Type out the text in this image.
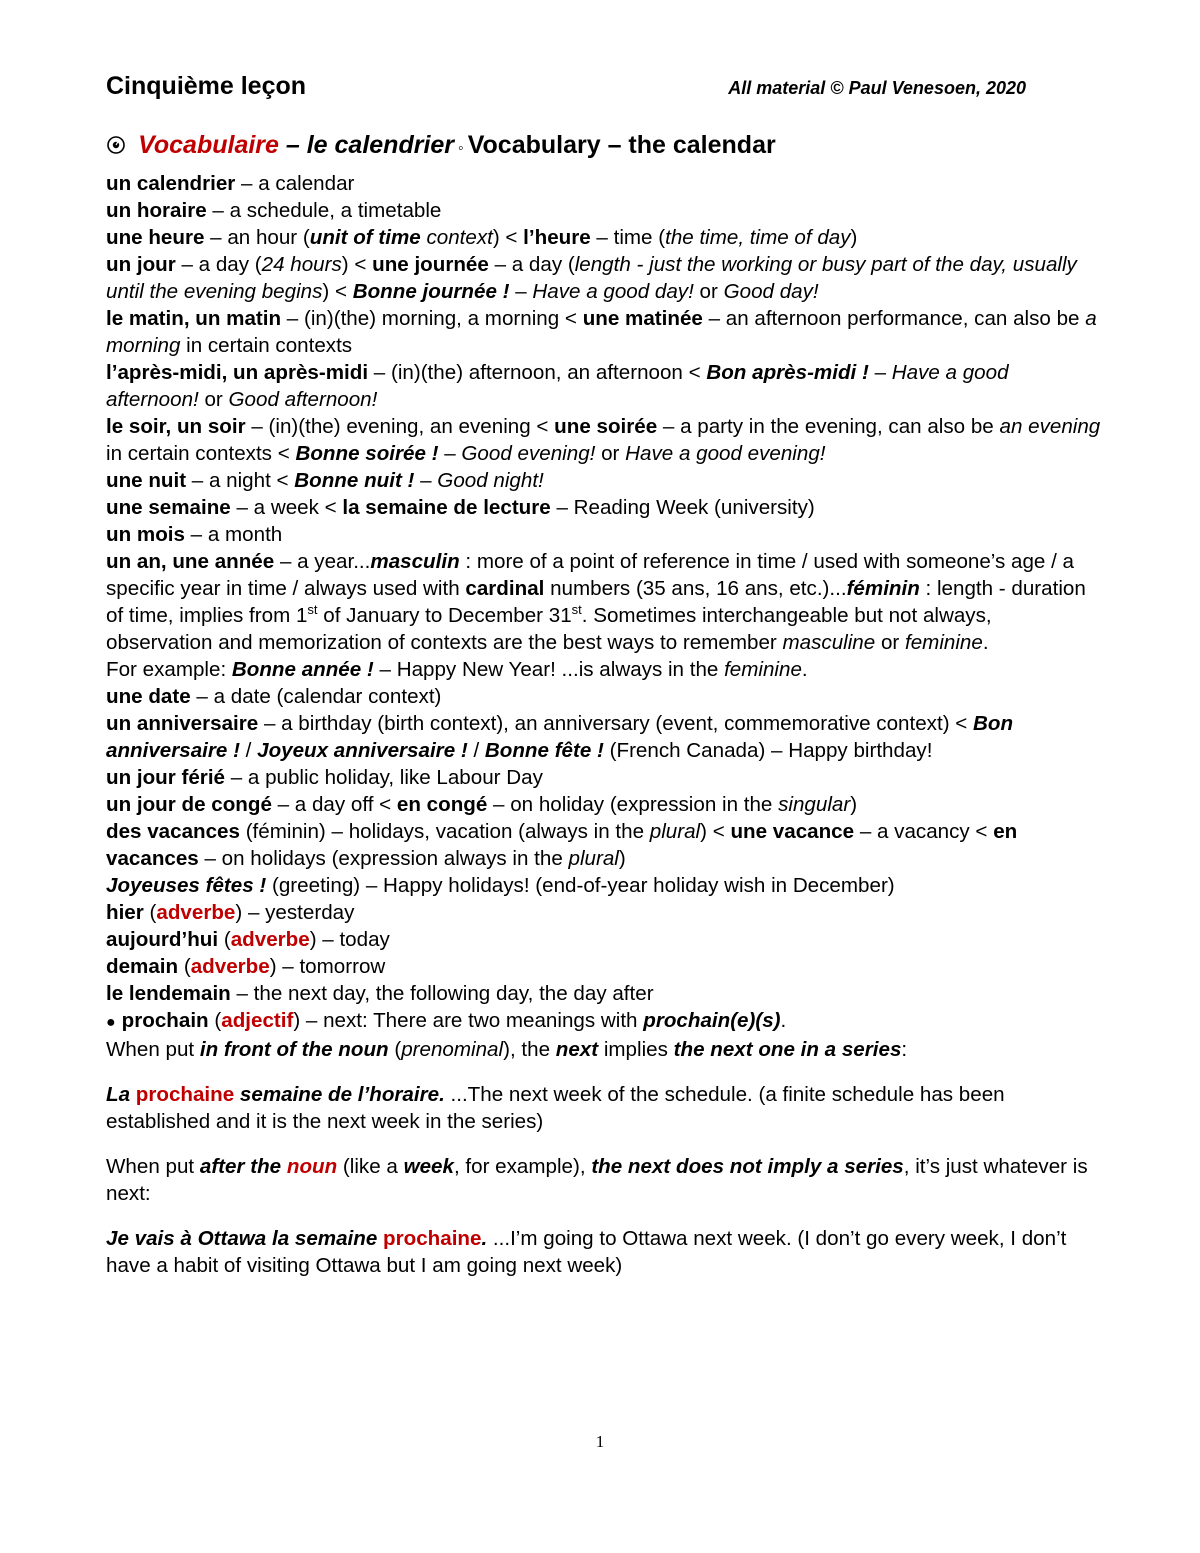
Cinquième leçon	All material © Paul Venesoen, 2020
Vocabulaire – le calendrier ◦ Vocabulary – the calendar

un calendrier – a calendar

un horaire – a schedule, a timetable

une heure – an hour (unit of time context) < l’heure – time (the time, time of day)

un jour – a day (24 hours) < une journée – a day (length - just the working or busy part of the day, usually until the evening begins) < Bonne journée ! – Have a good day! or Good day!

le matin, un matin – (in)(the) morning, a morning < une matinée – an afternoon performance, can also be a morning in certain contexts

l’après-midi, un après-midi – (in)(the) afternoon, an afternoon < Bon après-midi ! – Have a good afternoon! or Good afternoon!

le soir, un soir – (in)(the) evening, an evening < une soirée – a party in the evening, can also be an evening in certain contexts < Bonne soirée ! – Good evening! or Have a good evening!

une nuit – a night < Bonne nuit ! – Good night!

une semaine – a week < la semaine de lecture – Reading Week (university)

un mois – a month

un an, une année – a year...masculin : more of a point of reference in time / used with someone’s age / a specific year in time / always used with cardinal numbers (35 ans, 16 ans, etc.)...féminin : length - duration of time, implies from 1st of January to December 31st. Sometimes interchangeable but not always, observation and memorization of contexts are the best ways to remember masculine or feminine.

For example: Bonne année ! – Happy New Year! ...is always in the feminine.

une date – a date (calendar context)

un anniversaire – a birthday (birth context), an anniversary (event, commemorative context) < Bon anniversaire ! / Joyeux anniversaire ! / Bonne fête ! (French Canada) – Happy birthday!

un jour férié – a public holiday, like Labour Day

un jour de congé – a day off < en congé – on holiday (expression in the singular)

des vacances (féminin) – holidays, vacation (always in the plural) < une vacance – a vacancy < en vacances – on holidays (expression always in the plural)

Joyeuses fêtes ! (greeting) – Happy holidays! (end-of-year holiday wish in December)

hier (adverbe) – yesterday

aujourd’hui (adverbe) – today

demain (adverbe) – tomorrow

le lendemain – the next day, the following day, the day after

● prochain (adjectif) – next: There are two meanings with prochain(e)(s).

When put in front of the noun (prenominal), the next implies the next one in a series:

La prochaine semaine de l’horaire. ...The next week of the schedule. (a finite schedule has been established and it is the next week in the series)

When put after the noun (like a week, for example), the next does not imply a series, it’s just whatever is next:

Je vais à Ottawa la semaine prochaine. ...I’m going to Ottawa next week. (I don’t go every week, I don’t have a habit of visiting Ottawa but I am going next week)

1
